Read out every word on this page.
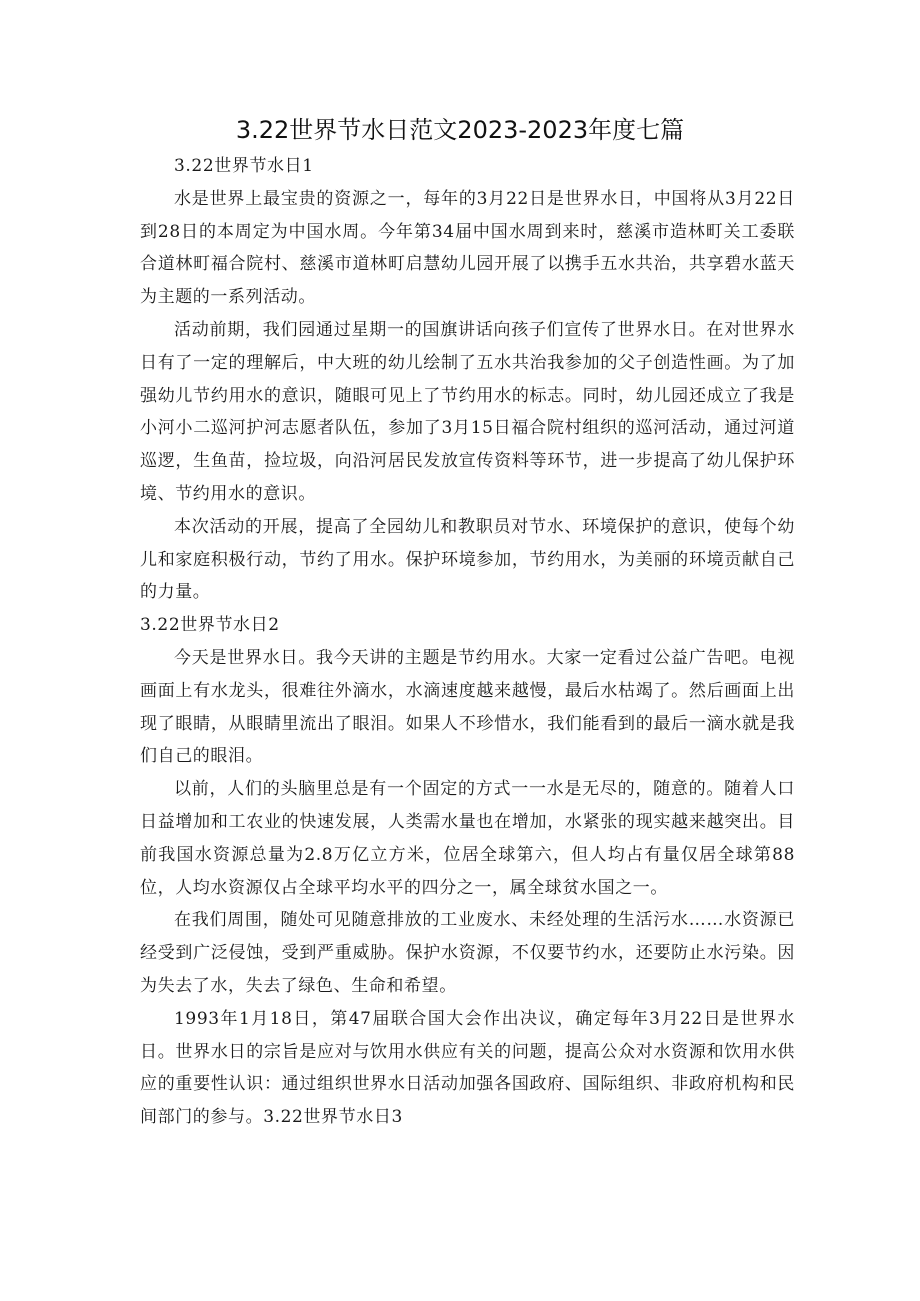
3.22世界节水日范文2023-2023年度七篇

3.22世界节水日1

水是世界上最宝贵的资源之一，每年的3月22日是世界水日，中国将从3月22日到28日的本周定为中国水周。今年第34届中国水周到来时，慈溪市造林町关工委联合道林町福合院村、慈溪市道林町启慧幼儿园开展了以携手五水共治，共享碧水蓝天为主题的一系列活动。

活动前期，我们园通过星期一的国旗讲话向孩子们宣传了世界水日。在对世界水日有了一定的理解后，中大班的幼儿绘制了五水共治我参加的父子创造性画。为了加强幼儿节约用水的意识，随眼可见上了节约用水的标志。同时，幼儿园还成立了我是小河小二巡河护河志愿者队伍，参加了3月15日福合院村组织的巡河活动，通过河道巡逻，生鱼苗，捡垃圾，向沿河居民发放宣传资料等环节，进一步提高了幼儿保护环境、节约用水的意识。

本次活动的开展，提高了全园幼儿和教职员对节水、环境保护的意识，使每个幼儿和家庭积极行动，节约了用水。保护环境参加，节约用水，为美丽的环境贡献自己的力量。

3.22世界节水日2

今天是世界水日。我今天讲的主题是节约用水。大家一定看过公益广告吧。电视画面上有水龙头，很难往外滴水，水滴速度越来越慢，最后水枯竭了。然后画面上出现了眼睛，从眼睛里流出了眼泪。如果人不珍惜水，我们能看到的最后一滴水就是我们自己的眼泪。

以前，人们的头脑里总是有一个固定的方式一一水是无尽的，随意的。随着人口日益增加和工农业的快速发展，人类需水量也在增加，水紧张的现实越来越突出。目前我国水资源总量为2.8万亿立方米，位居全球第六，但人均占有量仅居全球第88位，人均水资源仅占全球平均水平的四分之一，属全球贫水国之一。

在我们周围，随处可见随意排放的工业废水、未经处理的生活污水……水资源已经受到广泛侵蚀，受到严重威胁。保护水资源，不仅要节约水，还要防止水污染。因为失去了水，失去了绿色、生命和希望。

1993年1月18日，第47届联合国大会作出决议，确定每年3月22日是世界水日。世界水日的宗旨是应对与饮用水供应有关的问题，提高公众对水资源和饮用水供应的重要性认识：通过组织世界水日活动加强各国政府、国际组织、非政府机构和民间部门的参与。3.22世界节水日3
